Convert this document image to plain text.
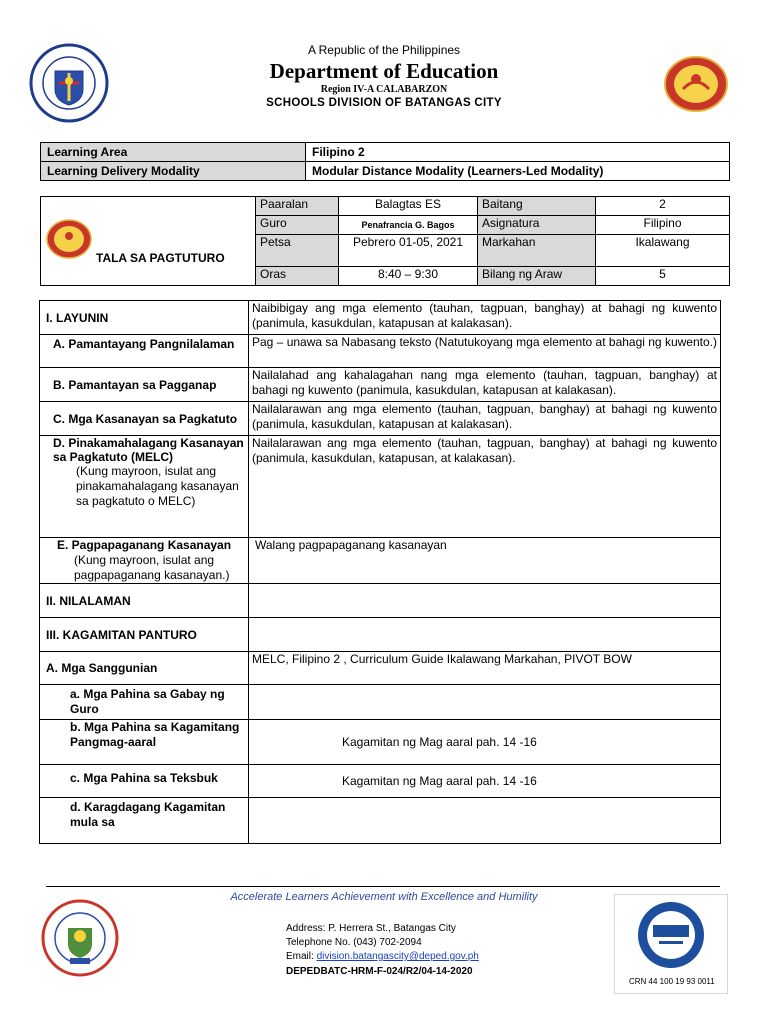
A Republic of the Philippines
Department of Education
Region IV-A CALABARZON
SCHOOLS DIVISION OF BATANGAS CITY
Learning Area	Filipino 2
Learning Delivery Modality	Modular Distance Modality (Learners-Led Modality)
TALA SA PAGTUTURO
Paaralan	Balagtas ES	Baitang	2
Guro	Penafrancia G. Bagos	Asignatura	Filipino
Petsa	Pebrero 01-05, 2021	Markahan	Ikalawang
Oras	8:40 – 9:30	Bilang ng Araw	5
I. LAYUNIN	Naibibigay ang mga elemento (tauhan, tagpuan, banghay) at bahagi ng kuwento (panimula, kasukdulan, katapusan at kalakasan).
A. Pamantayang Pangnilalaman	Pag – unawa sa Nabasang teksto (Natutukoyang mga elemento at bahagi ng kuwento.)
B. Pamantayan sa Pagganap	Nailalahad ang kahalagahan nang mga elemento (tauhan, tagpuan, banghay) at bahagi ng kuwento (panimula, kasukdulan, katapusan at kalakasan).
C. Mga Kasanayan sa Pagkatuto	Nailalarawan ang mga elemento (tauhan, tagpuan, banghay) at bahagi ng kuwento (panimula, kasukdulan, katapusan at kalakasan).

D. Pinakamahalagang Kasanayan sa Pagkatuto (MELC)
(Kung mayroon, isulat ang pinakamahalagang kasanayan sa pagkatuto o MELC)	Nailalarawan ang mga elemento (tauhan, tagpuan, banghay) at bahagi ng kuwento (panimula, kasukdulan, katapusan, at kalakasan).

E. Pagpapaganang Kasanayan
(Kung mayroon, isulat ang pagpapaganang kasanayan.)	Walang pagpapaganang kasanayan
II. NILALAMAN	
III. KAGAMITAN PANTURO	
A. Mga Sanggunian	MELC, Filipino 2 , Curriculum Guide Ikalawang Markahan, PIVOT BOW
a. Mga Pahina sa Gabay ng Guro	
b. Mga Pahina sa Kagamitang Pangmag-aaral	Kagamitan ng Mag aaral pah. 14 -16
c. Mga Pahina sa Teksbuk	Kagamitan ng Mag aaral pah. 14 -16
d. Karagdagang Kagamitan mula sa	
Accelerate Learners Achievement with Excellence and Humility
Address: P. Herrera St., Batangas City
Telephone No. (043) 702-2094
Email: division.batangascity@deped.gov.ph
DEPEDBATC-HRM-F-024/R2/04-14-2020
CRN 44 100 19 93 0011
